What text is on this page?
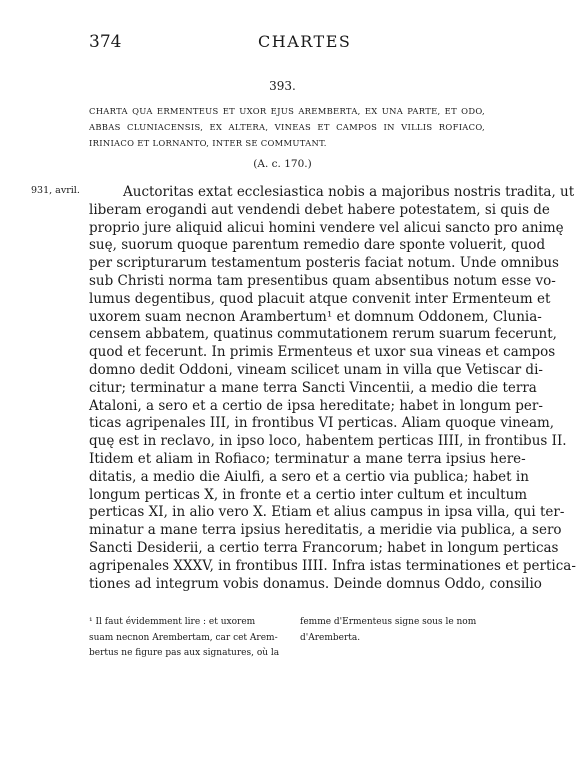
374	CHARTES
393.
CHARTA QUA ERMENTEUS ET UXOR EJUS AREMBERTA, EX UNA PARTE, ET ODO, ABBAS CLUNIACENSIS, EX ALTERA, VINEAS ET CAMPOS IN VILLIS ROFIACO, IRINIACO ET LORNANTO, INTER SE COMMUTANT.
(A. c. 170.)
931, avril.	Auctoritas extat ecclesiastica nobis a majoribus nostris tradita, ut
liberam erogandi aut vendendi debet habere potestatem, si quis de
proprio jure aliquid alicui homini vendere vel alicui sancto pro animę
suę, suorum quoque parentum remedio dare sponte voluerit, quod
per scripturarum testamentum posteris faciat notum. Unde omnibus
sub Christi norma tam presentibus quam absentibus notum esse vo-
lumus degentibus, quod placuit atque convenit inter Ermenteum et
uxorem suam necnon Arambertum¹ et domnum Oddonem, Clunia-
censem abbatem, quatinus commutationem rerum suarum fecerunt,
quod et fecerunt. In primis Ermenteus et uxor sua vineas et campos
domno dedit Oddoni, vineam scilicet unam in villa que Vetiscar di-
citur; terminatur a mane terra Sancti Vincentii, a medio die terra
Ataloni, a sero et a certio de ipsa hereditate; habet in longum per-
ticas agripenales III, in frontibus VI perticas. Aliam quoque vineam,
quę est in reclavo, in ipso loco, habentem perticas IIII, in frontibus II.
Itidem et aliam in Rofiaco; terminatur a mane terra ipsius here-
ditatis, a medio die Aiulfi, a sero et a certio via publica; habet in
longum perticas X, in fronte et a certio inter cultum et incultum
perticas XI, in alio vero X. Etiam et alius campus in ipsa villa, qui ter-
minatur a mane terra ipsius hereditatis, a meridie via publica, a sero
Sancti Desiderii, a certio terra Francorum; habet in longum perticas
agripenales XXXV, in frontibus IIII. Infra istas terminationes et pertica-
tiones ad integrum vobis donamus. Deinde domnus Oddo, consilio
¹ Il faut évidemment lire : et uxorem
suam necnon Arembertam, car cet Arem-
bertus ne figure pas aux signatures, où la
femme d'Ermenteus signe sous le nom
d'Aremberta.
